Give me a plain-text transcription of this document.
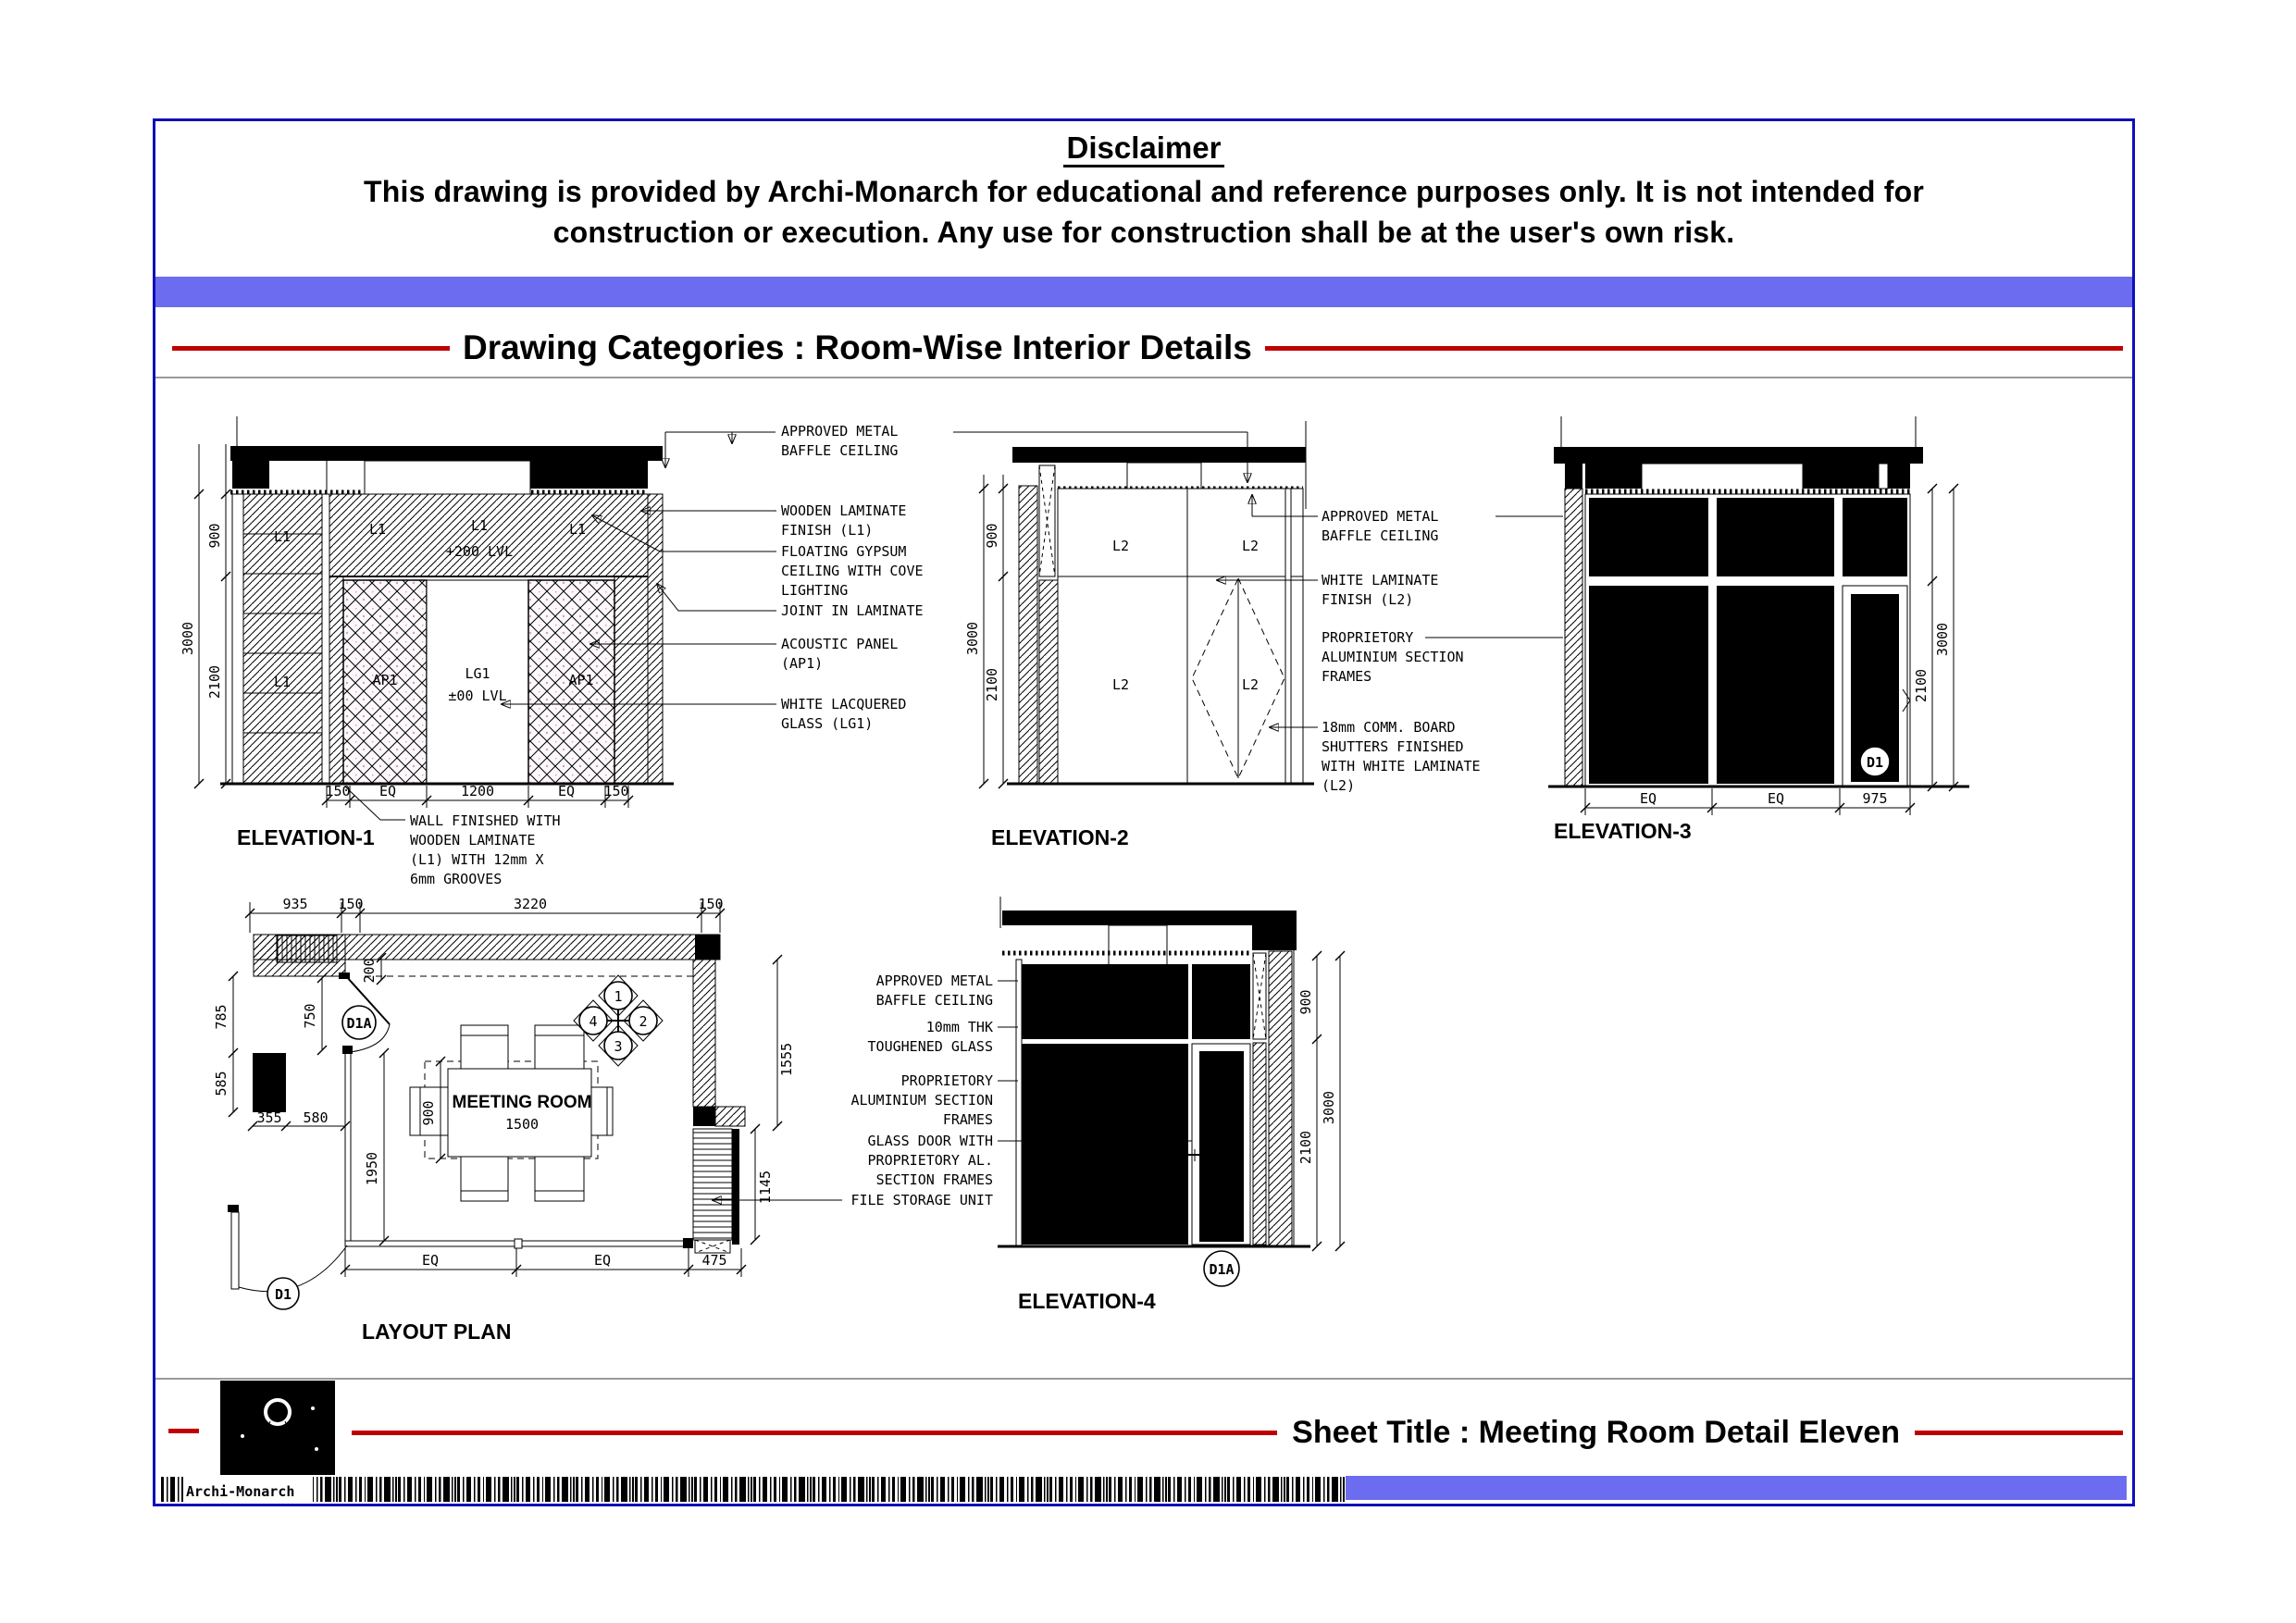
Disclaimer
This drawing is provided by Archi-Monarch for educational and reference purposes only. It is not intended for
construction or execution. Any use for construction shall be at the user's own risk.
Drawing Categories : Room-Wise Interior Details
L1
L1
L1	L1
+200 LVL
L1
AP1	LG1
±00 LVL
AP1
3000
900
2100
150 EQ	1200	EQ 150
ELEVATION-1
WALL FINISHED WITH
WOODEN LAMINATE
(L1) WITH 12mm X
6mm GROOVES
APPROVED METAL
BAFFLE CEILING
WOODEN LAMINATE
FINISH (L1)
FLOATING GYPSUM
CEILING WITH COVE
LIGHTING
JOINT IN LAMINATE
ACOUSTIC PANEL
(AP1)
WHITE LACQUERED
GLASS (LG1)
L2	L2
L2	L2
3000
900
2100
ELEVATION-2
APPROVED METAL
BAFFLE CEILING
WHITE LAMINATE
FINISH (L2)
PROPRIETORY
ALUMINIUM SECTION
FRAMES
18mm COMM. BOARD
SHUTTERS FINISHED
WITH WHITE LAMINATE
(L2)
D1
EQ	EQ	975
2100
3000
ELEVATION-3
935 150	3220	150
D1A
D1
MEETING ROOM
1500
1
2
3
4
785
585
355 580
750
200
1950
900
1555
1145
EQ	EQ	475
LAYOUT PLAN
D1A
900
2100
3000
ELEVATION-4
APPROVED METAL
BAFFLE CEILING
10mm THK
TOUGHENED GLASS
PROPRIETORY
ALUMINIUM SECTION
FRAMES
GLASS DOOR WITH
PROPRIETORY AL.
SECTION FRAMES
FILE STORAGE UNIT
Sheet Title : Meeting Room Detail Eleven
Archi-Monarch
